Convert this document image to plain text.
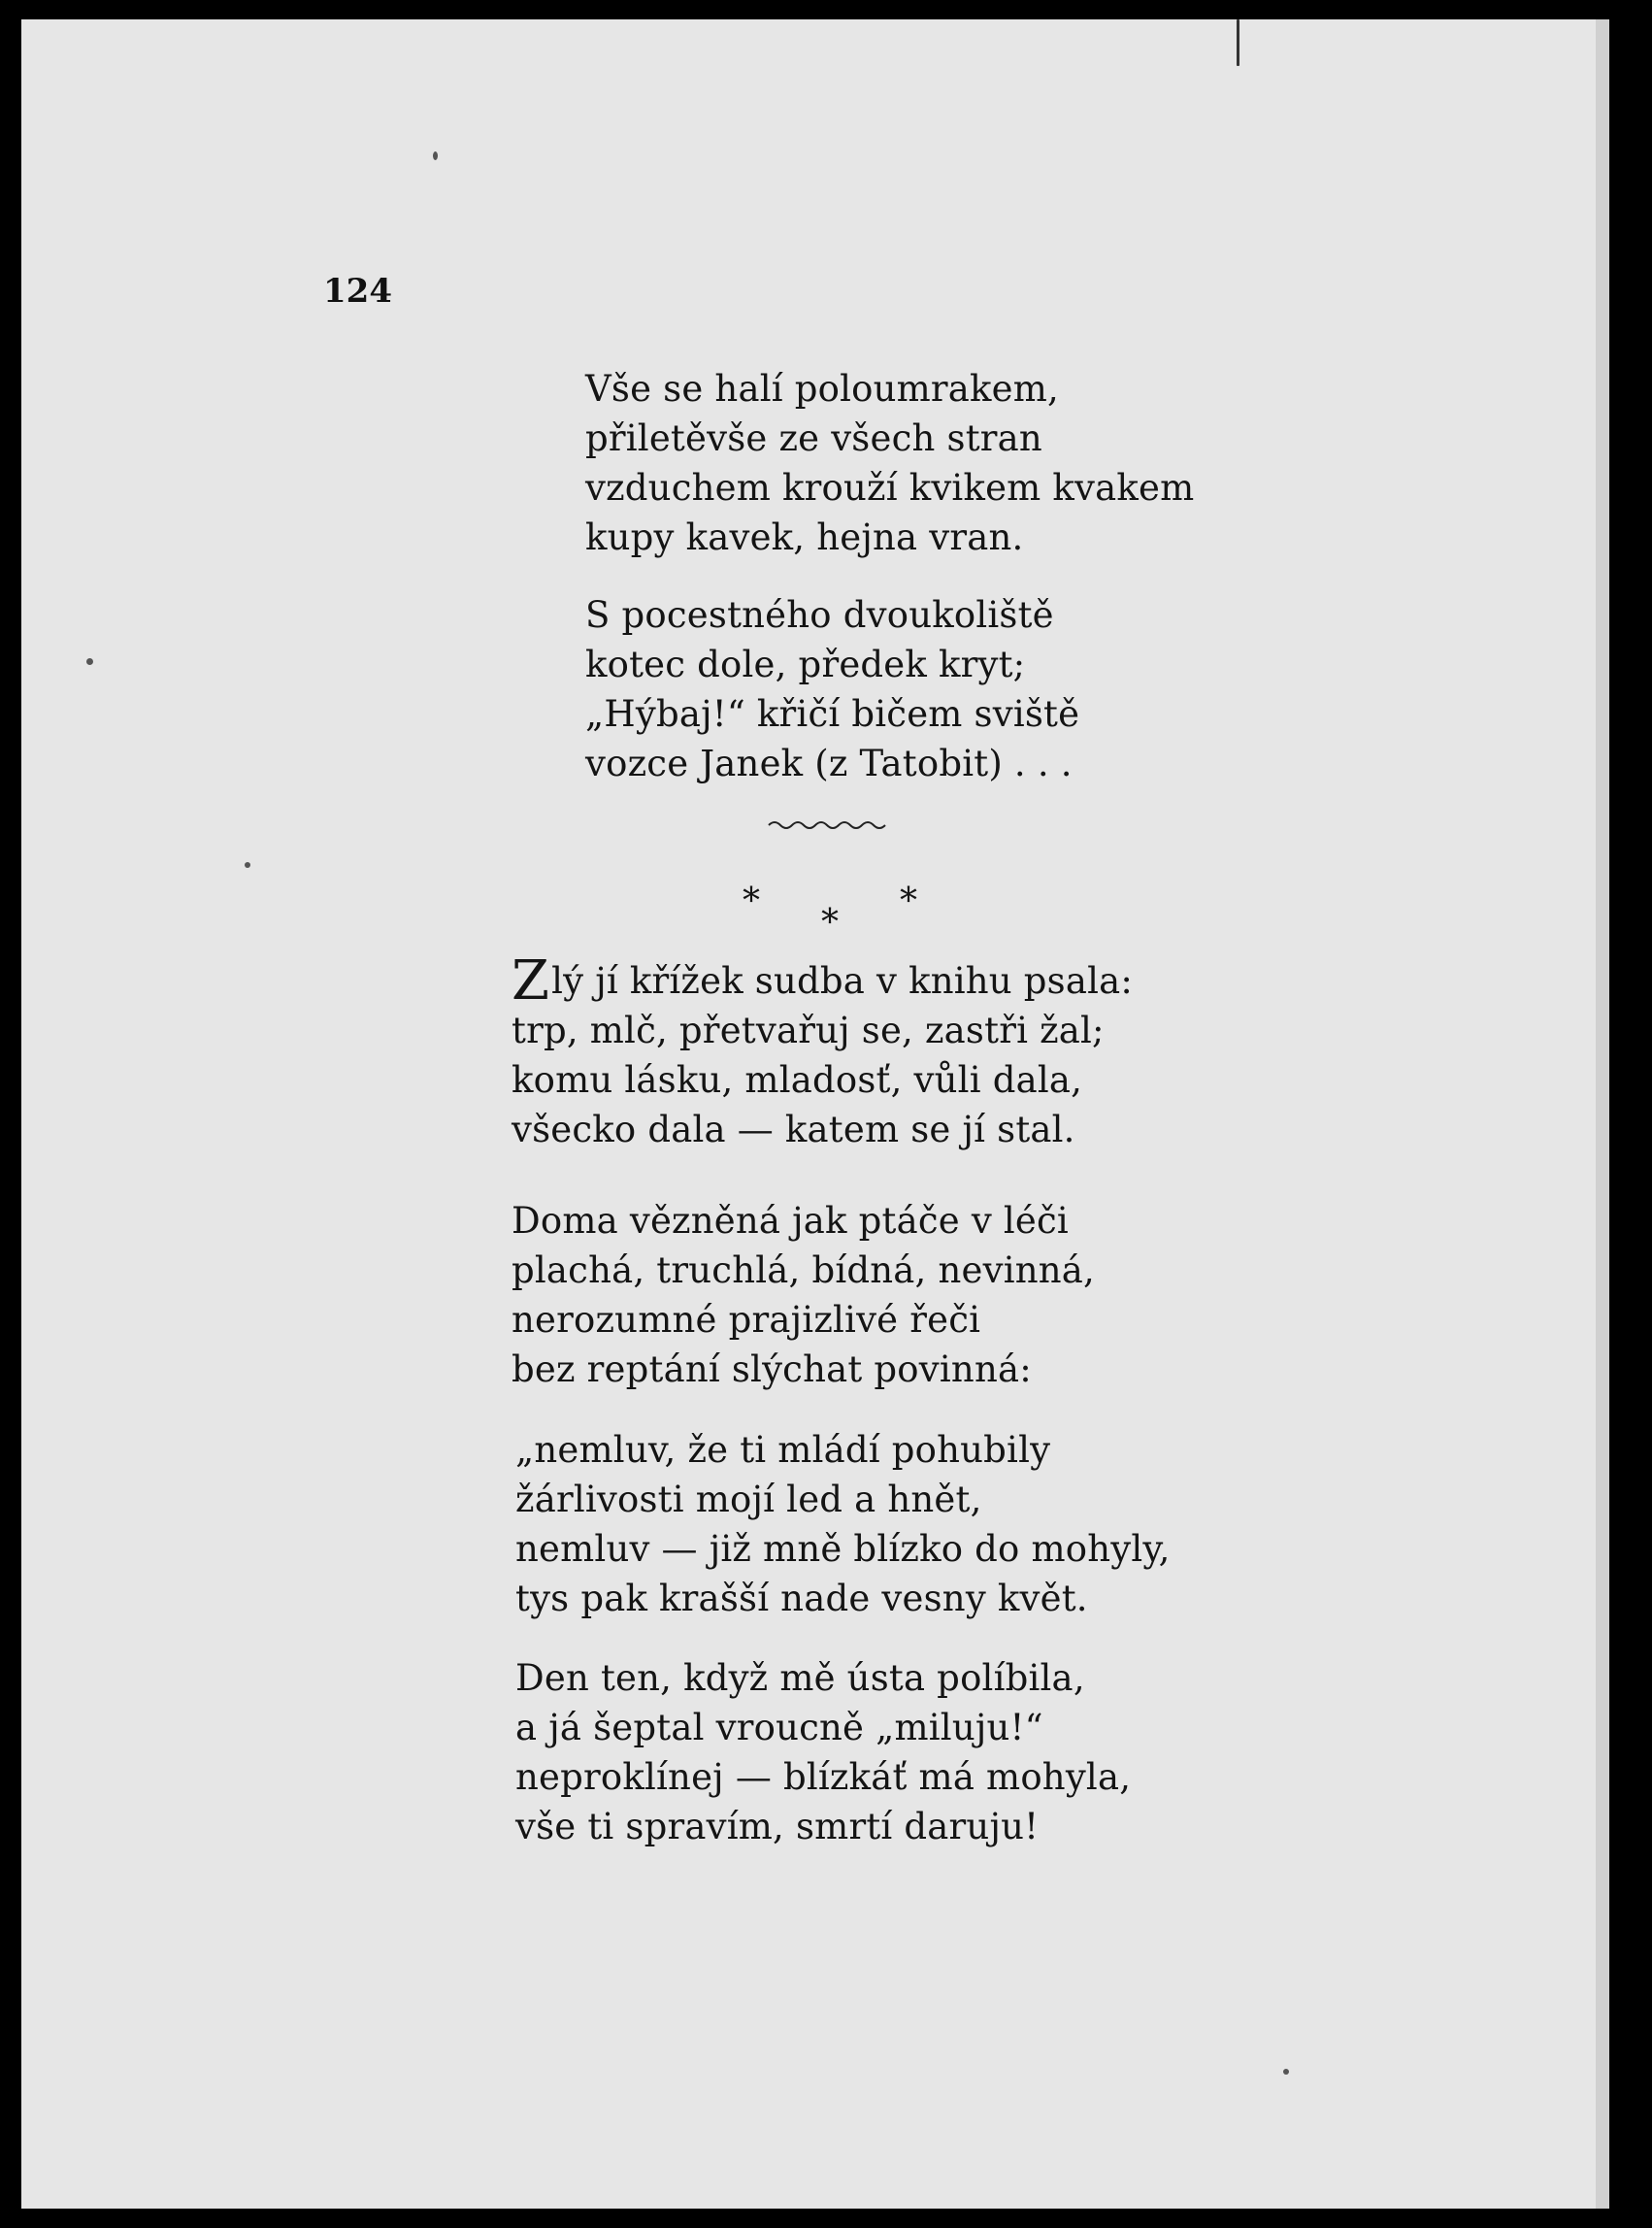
124

Vše se halí poloumrakem,
přiletěvše ze všech stran
vzduchem krouží kvikem kvakem
kupy kavek, hejna vran.
S pocestného dvoukoliště
kotec dole, předek kryt;
„Hýbaj!“ křičí bičem sviště
vozce Janek (z Tatobit) . . .
*	*
*
Zlý jí křížek sudba v knihu psala:
trp, mlč, přetvařuj se, zastři žal;
komu lásku, mladosť, vůli dala,
všecko dala — katem se jí stal.
Doma vězněná jak ptáče v léči
plachá, truchlá, bídná, nevinná,
nerozumné prajizlivé řeči
bez reptání slýchat povinná:
„nemluv, že ti mládí pohubily
žárlivosti mojí led a hnět,
nemluv — již mně blízko do mohyly,
tys pak krašší nade vesny květ.
Den ten, když mě ústa políbila,
a já šeptal vroucně „miluju!“
neproklínej — blízkáť má mohyla,
vše ti spravím, smrtí daruju!
